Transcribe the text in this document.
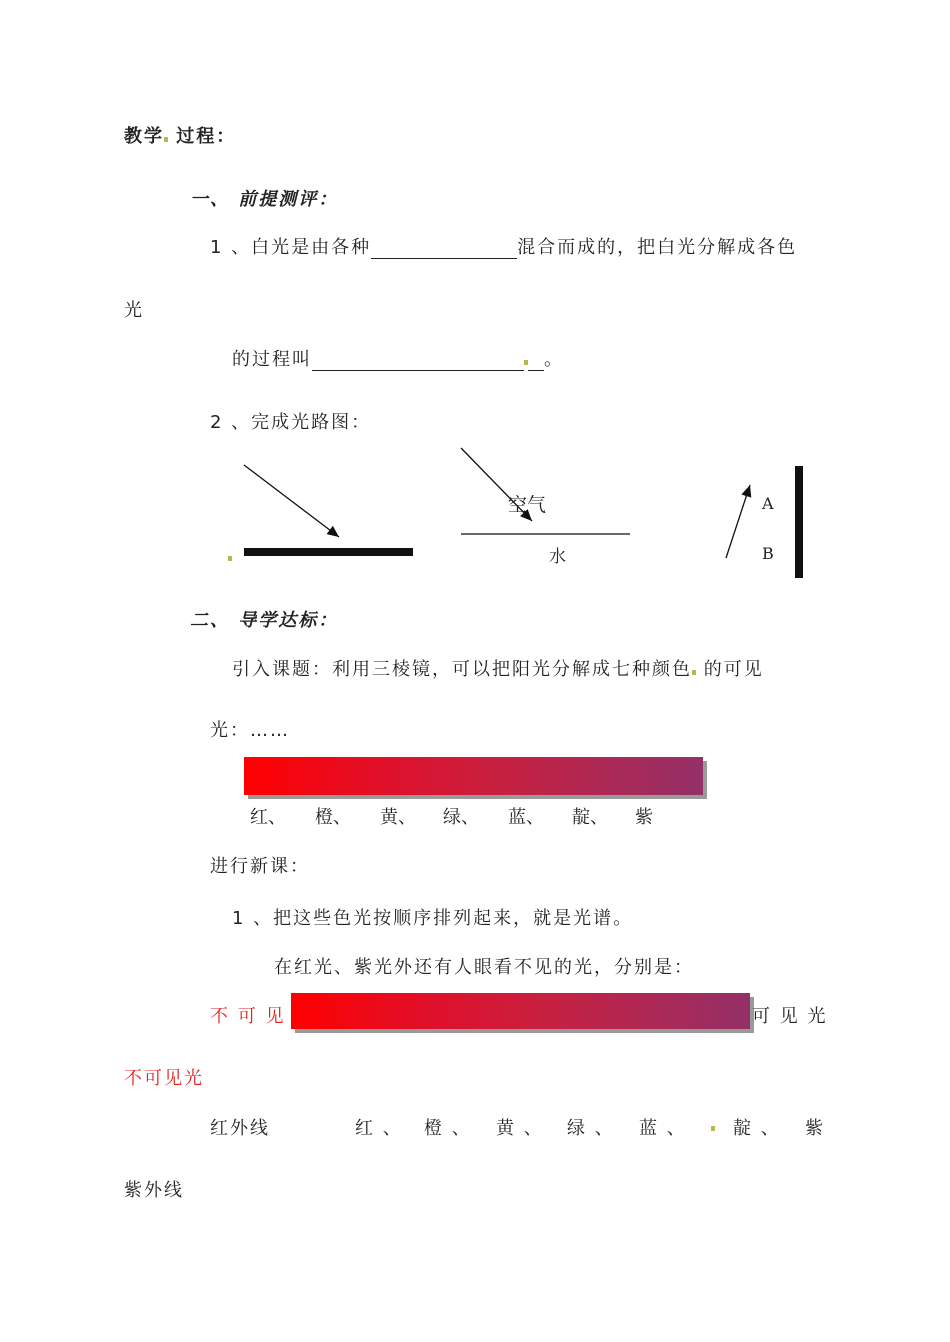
教学 过程：
一、 前提测评：
1 、白光是由各种	混合而成的，把白光分解成各色
光
的过程叫	。
2 、完成光路图：
空气
水
A
B
二、 导学达标：
引入课题：利用三棱镜，可以把阳光分解成七种颜色 的可见
光：……
红、 橙、 黄、 绿、 蓝、 靛、 紫
进行新课：
1 、把这些色光按顺序排列起来，就是光谱。
在红光、紫光外还有人眼看不见的光，分别是：
不 可 见	可 见 光
不可见光
红外线	红 、 橙 、 黄 、 绿 、 蓝 、	靛 、 紫
紫外线
